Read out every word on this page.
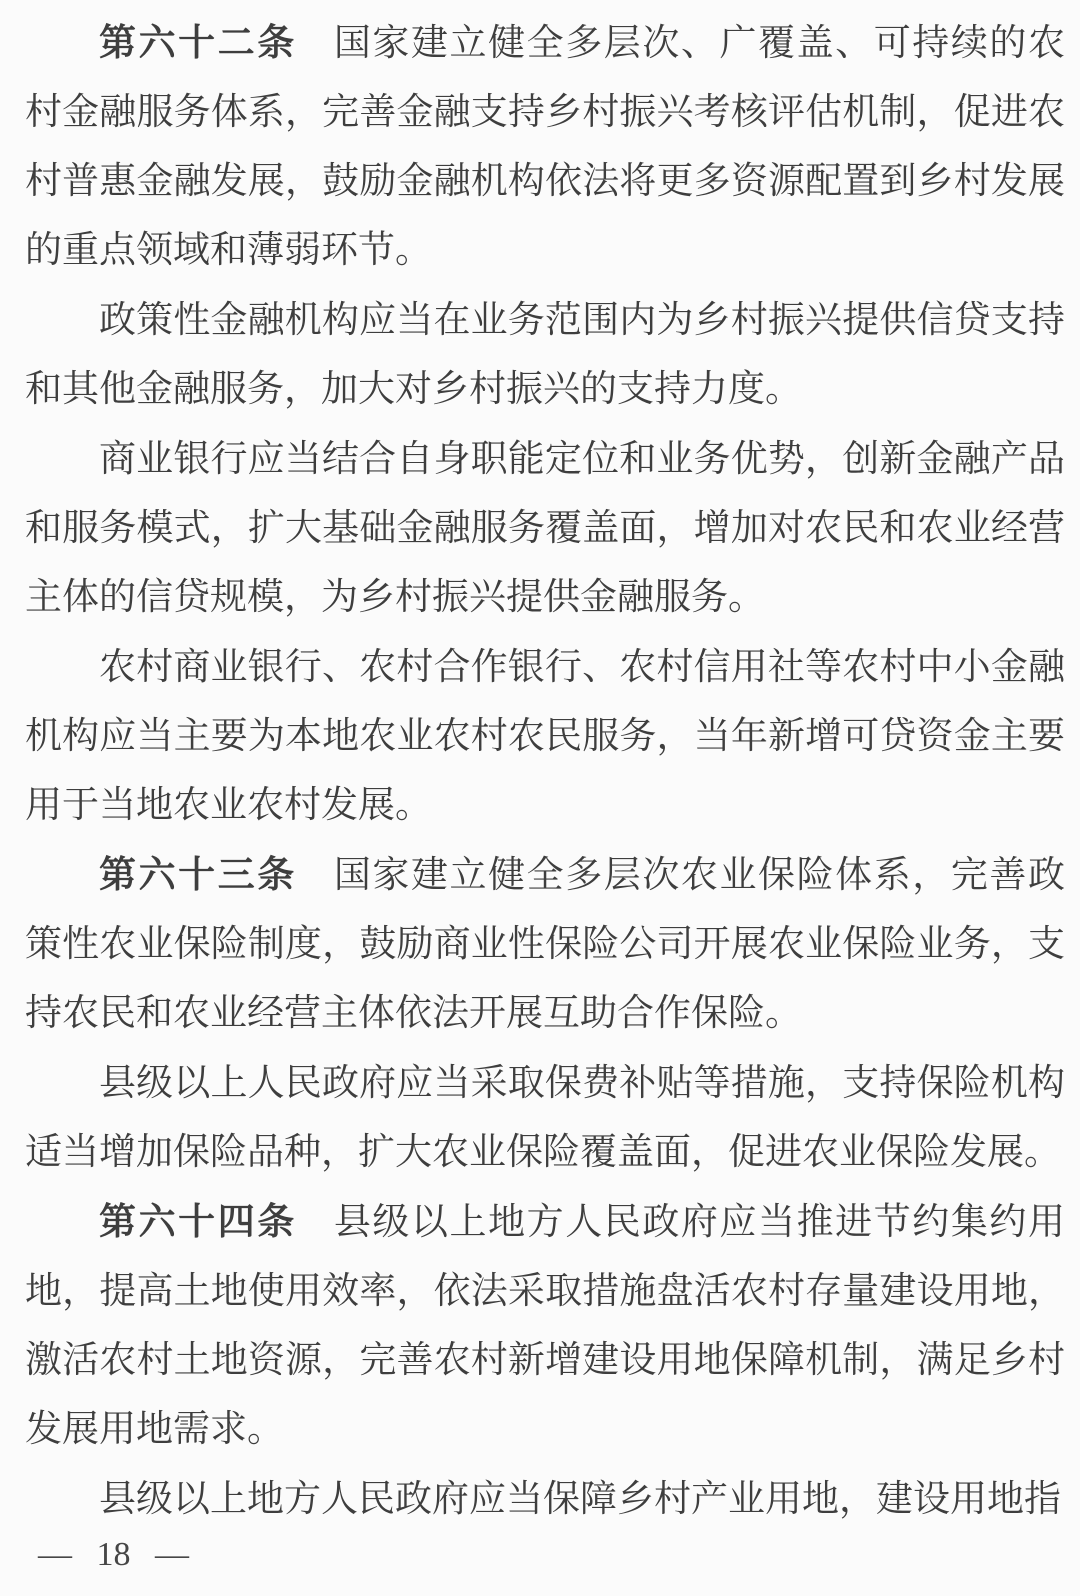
第六十二条 国家建立健全多层次、广覆盖、可持续的农村金融服务体系，完善金融支持乡村振兴考核评估机制，促进农村普惠金融发展，鼓励金融机构依法将更多资源配置到乡村发展的重点领域和薄弱环节。

政策性金融机构应当在业务范围内为乡村振兴提供信贷支持和其他金融服务，加大对乡村振兴的支持力度。

商业银行应当结合自身职能定位和业务优势，创新金融产品和服务模式，扩大基础金融服务覆盖面，增加对农民和农业经营主体的信贷规模，为乡村振兴提供金融服务。

农村商业银行、农村合作银行、农村信用社等农村中小金融机构应当主要为本地农业农村农民服务，当年新增可贷资金主要用于当地农业农村发展。

第六十三条 国家建立健全多层次农业保险体系，完善政策性农业保险制度，鼓励商业性保险公司开展农业保险业务，支持农民和农业经营主体依法开展互助合作保险。

县级以上人民政府应当采取保费补贴等措施，支持保险机构适当增加保险品种，扩大农业保险覆盖面，促进农业保险发展。

第六十四条 县级以上地方人民政府应当推进节约集约用地，提高土地使用效率，依法采取措施盘活农村存量建设用地，激活农村土地资源，完善农村新增建设用地保障机制，满足乡村发展用地需求。

县级以上地方人民政府应当保障乡村产业用地，建设用地指

— 18 —
